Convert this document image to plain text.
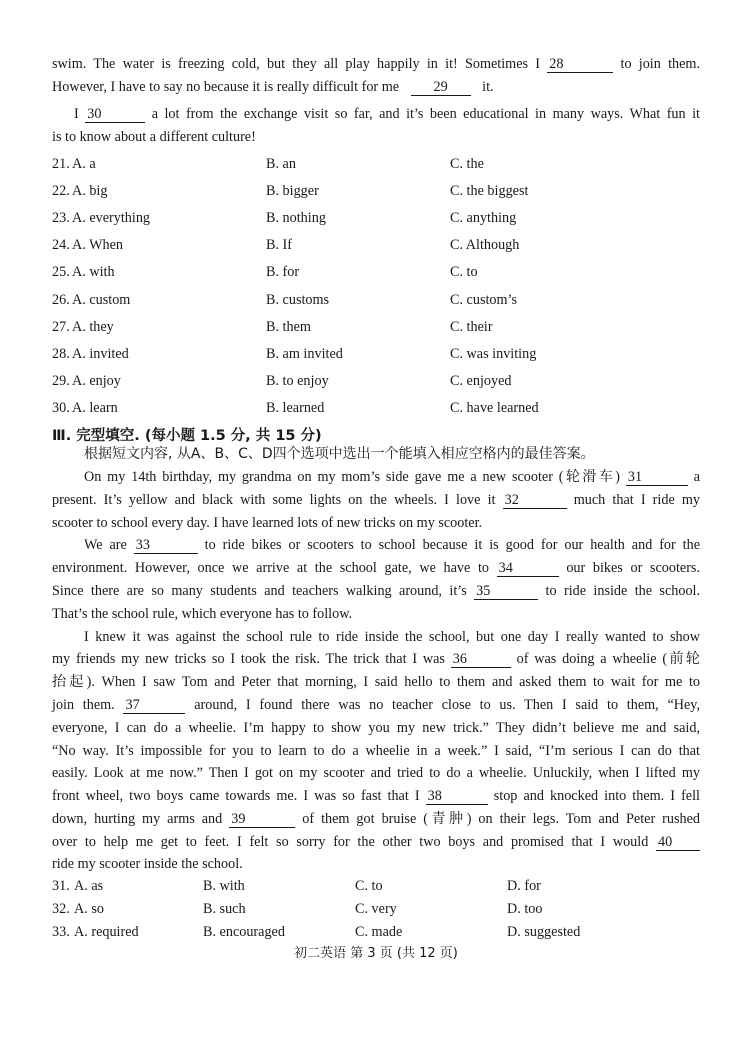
swim. The water is freezing cold, but they all play happily in it! Sometimes I 28	to join them.
However, I have to say no because it is really difficult for me 29 it.
I 30	a lot from the exchange visit so far, and it’s been educational in many ways. What fun it
is to know about a different culture!
21. A. a	B. an	C. the
22. A. big	B. bigger	C. the biggest
23. A. everything	B. nothing	C. anything
24. A. When	B. If	C. Although
25. A. with	B. for	C. to
26. A. custom	B. customs	C. custom’s
27. A. they	B. them	C. their
28. A. invited	B. am invited	C. was inviting
29. A. enjoy	B. to enjoy	C. enjoyed
30. A. learn	B. learned	C. have learned
Ⅲ. 完型填空. (每小题 1.5 分, 共 15 分)
根据短文内容, 从A、B、C、D四个选项中选出一个能填入相应空格内的最佳答案。
On my 14th birthday, my grandma on my mom’s side gave me a new scooter (轮滑车) 31	a
present. It’s yellow and black with some lights on the wheels. I love it 32	much that I ride my
scooter to school every day. I have learned lots of new tricks on my scooter.
We are 33	to ride bikes or scooters to school because it is good for our health and for the
environment. However, once we arrive at the school gate, we have to 34	our bikes or scooters.
Since there are so many students and teachers walking around, it’s 35	to ride inside the school.
That’s the school rule, which everyone has to follow.
I knew it was against the school rule to ride inside the school, but one day I really wanted to show
my friends my new tricks so I took the risk. The trick that I was 36	of was doing a wheelie (前轮
抬起). When I saw Tom and Peter that morning, I said hello to them and asked them to wait for me to
join them. 37	around, I found there was no teacher close to us. Then I said to them, “Hey,
everyone, I can do a wheelie. I’m happy to show you my new trick.” They didn’t believe me and said,
“No way. It’s impossible for you to learn to do a wheelie in a week.” I said, “I’m serious I can do that
easily. Look at me now.” Then I got on my scooter and tried to do a wheelie. Unluckily, when I lifted my
front wheel, two boys came towards me. I was so fast that I 38	stop and knocked into them. I fell
down, hurting my arms and 39	of them got bruise (青肿) on their legs. Tom and Peter rushed
over to help me get to feet. I felt so sorry for the other two boys and promised that I would 40
ride my scooter inside the school.
31. A. as	B. with	C. to	D. for
32. A. so	B. such	C. very	D. too
33. A. required	B. encouraged	C. made	D. suggested
初二英语 第 3 页 (共 12 页)
